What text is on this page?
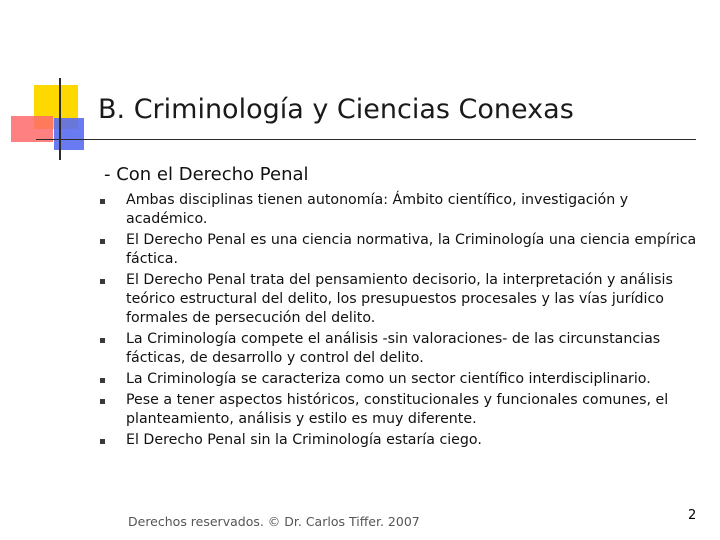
B. Criminología y Ciencias Conexas
- Con el Derecho Penal
Ambas disciplinas tienen autonomía: Ámbito científico, investigación y académico.
El Derecho Penal es una ciencia normativa, la Criminología una ciencia empírica fáctica.
El Derecho Penal trata del pensamiento decisorio, la interpretación y análisis teórico estructural del delito, los presupuestos procesales y las vías jurídico formales de persecución del delito.
La Criminología compete el análisis -sin valoraciones- de las circunstancias fácticas, de desarrollo y control del delito.
La Criminología se caracteriza como un sector científico interdisciplinario.
Pese a tener aspectos históricos, constitucionales y funcionales comunes, el planteamiento, análisis y estilo es muy diferente.
El Derecho Penal sin la Criminología estaría ciego.
Derechos reservados. © Dr. Carlos Tiffer. 2007	2
